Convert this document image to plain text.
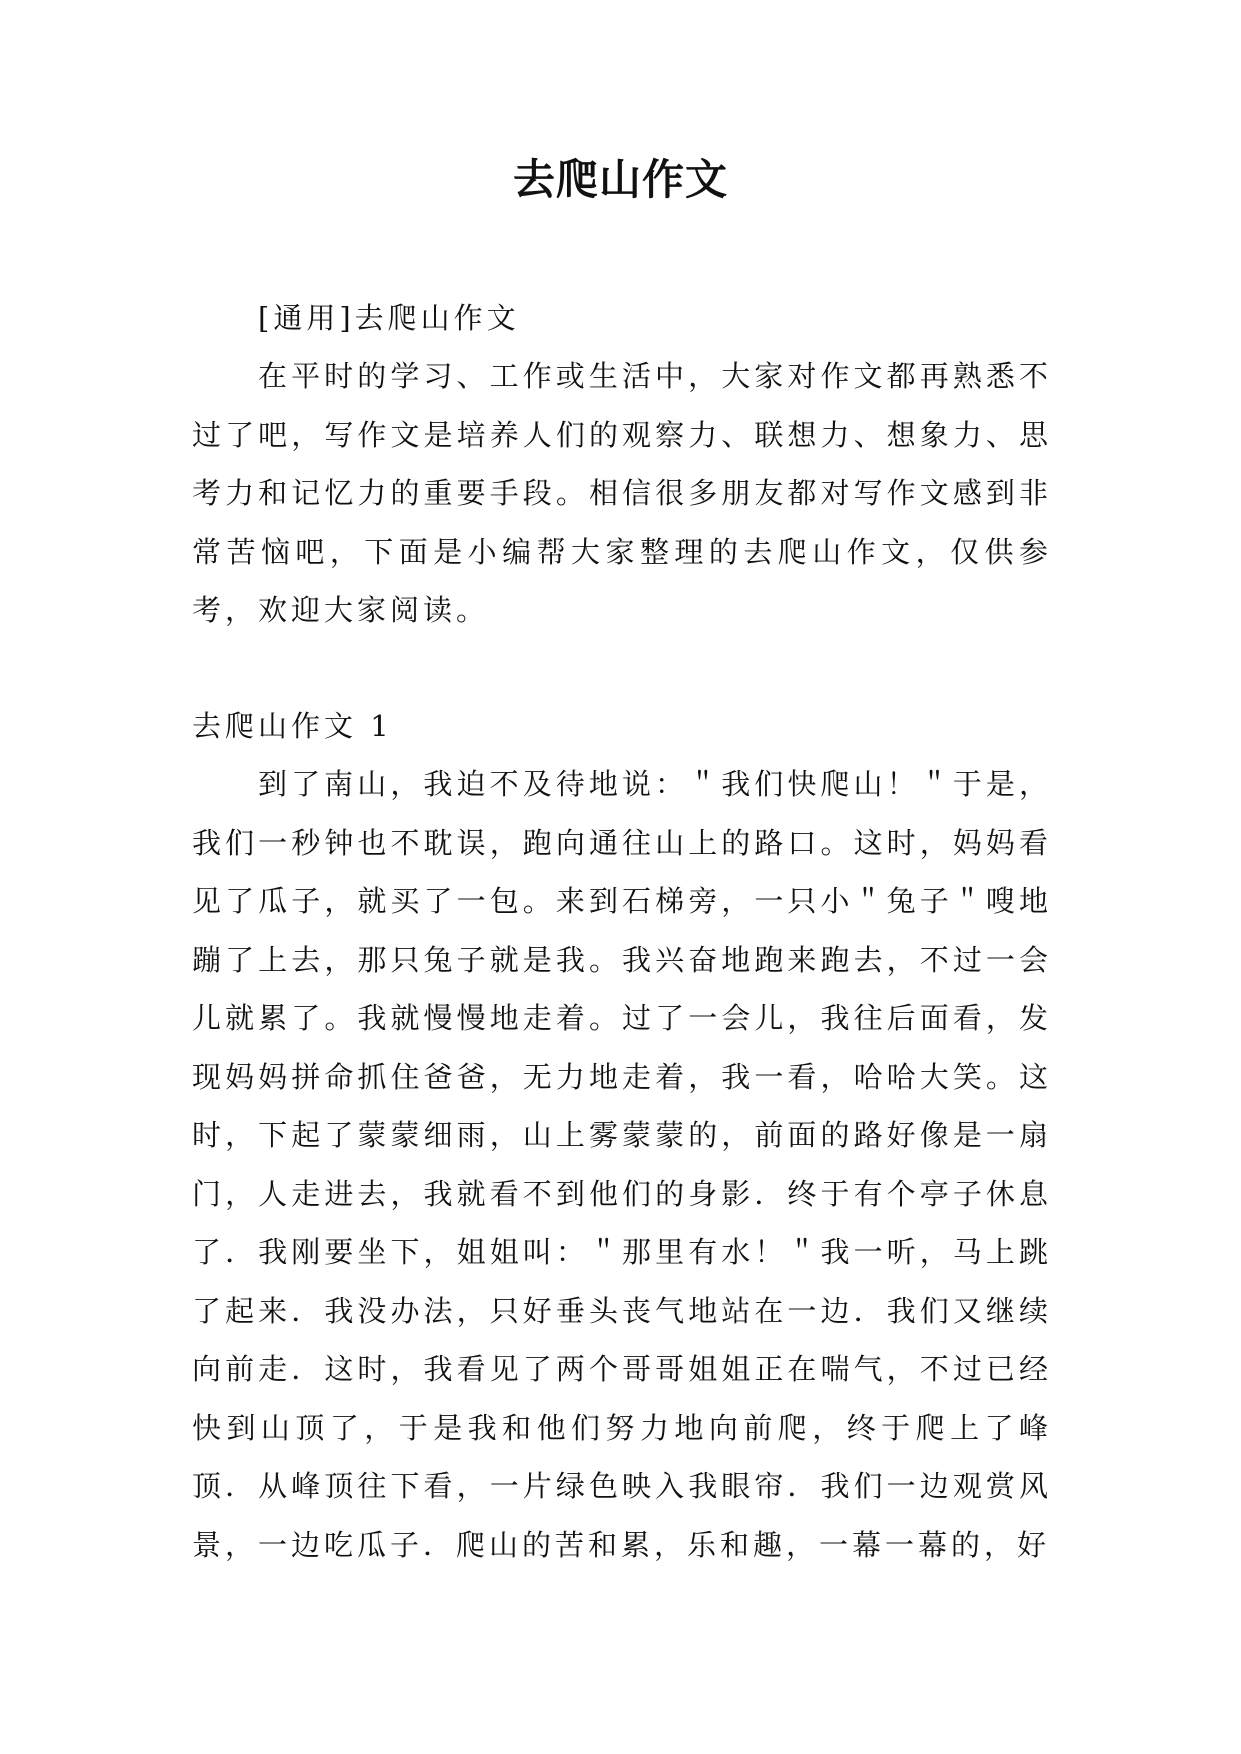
去爬山作文
[通用]去爬山作文
在平时的学习、工作或生活中，大家对作文都再熟悉不过了吧，写作文是培养人们的观察力、联想力、想象力、思考力和记忆力的重要手段。相信很多朋友都对写作文感到非常苦恼吧，下面是小编帮大家整理的去爬山作文，仅供参考，欢迎大家阅读。
去爬山作文 1
到了南山，我迫不及待地说：＂我们快爬山！＂于是，我们一秒钟也不耽误，跑向通往山上的路口。这时，妈妈看见了瓜子，就买了一包。来到石梯旁，一只小＂兔子＂嗖地蹦了上去，那只兔子就是我。我兴奋地跑来跑去，不过一会儿就累了。我就慢慢地走着。过了一会儿，我往后面看，发现妈妈拼命抓住爸爸，无力地走着，我一看，哈哈大笑。这时，下起了蒙蒙细雨，山上雾蒙蒙的，前面的路好像是一扇门，人走进去，我就看不到他们的身影．终于有个亭子休息了．我刚要坐下，姐姐叫：＂那里有水！＂我一听，马上跳了起来．我没办法，只好垂头丧气地站在一边．我们又继续向前走．这时，我看见了两个哥哥姐姐正在喘气，不过已经快到山顶了，于是我和他们努力地向前爬，终于爬上了峰顶．从峰顶往下看，一片绿色映入我眼帘．我们一边观赏风景，一边吃瓜子．爬山的苦和累，乐和趣，一幕一幕的，好
